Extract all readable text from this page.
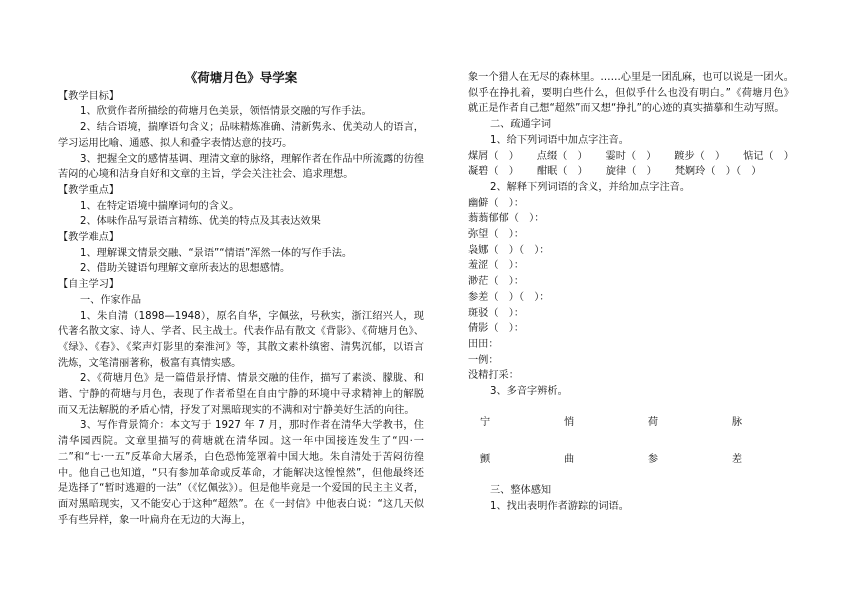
《荷塘月色》导学案
【教学目标】
1、欣赏作者所描绘的荷塘月色美景，领悟情景交融的写作手法。
2、结合语境，揣摩语句含义；品味精炼准确、清新隽永、优美动人的语言，学习运用比喻、通感、拟人和叠字表情达意的技巧。
3、把握全文的感情基调、理清文章的脉络，理解作者在作品中所流露的彷徨苦闷的心境和洁身自好和文章的主旨，学会关注社会、追求理想。
【教学重点】
1、在特定语境中揣摩词句的含义。
2、体味作品写景语言精练、优美的特点及其表达效果
【教学难点】
1、理解课文情景交融、“景语”“情语”浑然一体的写作手法。
2、借助关键语句理解文章所表达的思想感情。
【自主学习】
一、作家作品
1、朱自清（1898—1948），原名自华，字佩弦，号秋实，浙江绍兴人，现代著名散文家、诗人、学者、民主战士。代表作品有散文《背影》、《荷塘月色》、《绿》、《春》、《桨声灯影里的秦淮河》等，其散文素朴缜密、清隽沉郁，以语言洗炼，文笔清丽著称，极富有真情实感。
2、《荷塘月色》是一篇借景抒情、情景交融的佳作，描写了素淡、朦胧、和谐、宁静的荷塘与月色，表现了作者希望在自由宁静的环境中寻求精神上的解脱而又无法解脱的矛盾心情，抒发了对黑暗现实的不满和对宁静美好生活的向往。
3、写作背景简介：本文写于 1927 年 7 月，那时作者在清华大学教书，住清华园西院。文章里描写的荷塘就在清华园。这一年中国接连发生了“四·一二”和“七·一五”反革命大屠杀，白色恐怖笼罩着中国大地。朱自清处于苦闷彷徨中。他自己也知道，“只有参加革命或反革命，才能解决这惶惶然”，但他最终还是选择了“暂时逃避的一法”（《忆佩弦》）。但是他毕竟是一个爱国的民主主义者，面对黑暗现实，又不能安心于这种“超然”。在《一封信》中他表白说：“这几天似乎有些异样，象一叶扁舟在无边的大海上，
象一个猎人在无尽的森林里。……心里是一团乱麻，也可以说是一团火。似乎在挣扎着，要明白些什么，但似乎什么也没有明白。”《荷塘月色》就正是作者自己想“超然”而又想“挣扎”的心迹的真实描摹和生动写照。
二、疏通字词
1、给下列词语中加点字注音。
煤屑（　） 点缀（　） 霎时（　） 踱步（　） 惦记（　）
凝碧（　） 酣眠（　） 旋律（　） 梵婀玲（　）（　）
2、解释下列词语的含义，并给加点字注音。
幽僻（　）：
蓊蓊郁郁（　）：
弥望（　）：
袅娜（　）（　）：
羞涩（　）：
渺茫（　）：
参差（　）（　）：
斑驳（　）：
倩影（　）：
田田：
一例：
没精打采：
3、多音字辨析。
宁	悄	荷	脉
颤	曲	参	差
三、整体感知
1、找出表明作者游踪的词语。
